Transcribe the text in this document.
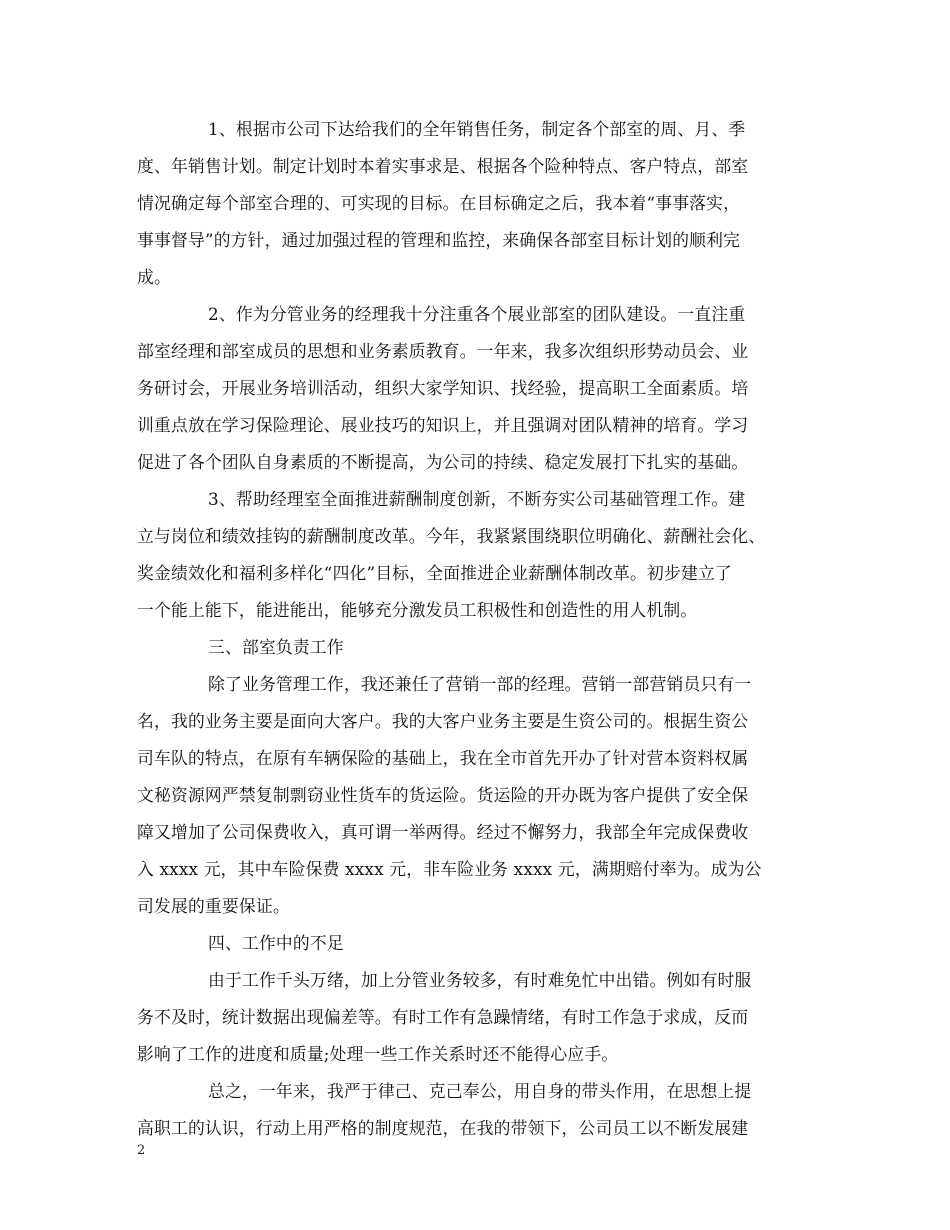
1、根据市公司下达给我们的全年销售任务，制定各个部室的周、月、季
度、年销售计划。制定计划时本着实事求是、根据各个险种特点、客户特点，部室
情况确定每个部室合理的、可实现的目标。在目标确定之后，我本着“事事落实，
事事督导”的方针，通过加强过程的管理和监控，来确保各部室目标计划的顺利完
成。
2、作为分管业务的经理我十分注重各个展业部室的团队建设。一直注重
部室经理和部室成员的思想和业务素质教育。一年来，我多次组织形势动员会、业
务研讨会，开展业务培训活动，组织大家学知识、找经验，提高职工全面素质。培
训重点放在学习保险理论、展业技巧的知识上，并且强调对团队精神的培育。学习
促进了各个团队自身素质的不断提高，为公司的持续、稳定发展打下扎实的基础。
3、帮助经理室全面推进薪酬制度创新，不断夯实公司基础管理工作。建
立与岗位和绩效挂钩的薪酬制度改革。今年，我紧紧围绕职位明确化、薪酬社会化、
奖金绩效化和福利多样化“四化”目标，全面推进企业薪酬体制改革。初步建立了
一个能上能下，能进能出，能够充分激发员工积极性和创造性的用人机制。
三、部室负责工作
除了业务管理工作，我还兼任了营销一部的经理。营销一部营销员只有一
名，我的业务主要是面向大客户。我的大客户业务主要是生资公司的。根据生资公
司车队的特点，在原有车辆保险的基础上，我在全市首先开办了针对营本资料权属
文秘资源网严禁复制剽窃业性货车的货运险。货运险的开办既为客户提供了安全保
障又增加了公司保费收入，真可谓一举两得。经过不懈努力，我部全年完成保费收
入 xxxx 元，其中车险保费 xxxx 元，非车险业务 xxxx 元，满期赔付率为。成为公
司发展的重要保证。
四、工作中的不足
由于工作千头万绪，加上分管业务较多，有时难免忙中出错。例如有时服
务不及时，统计数据出现偏差等。有时工作有急躁情绪，有时工作急于求成，反而
影响了工作的进度和质量;处理一些工作关系时还不能得心应手。
总之，一年来，我严于律己、克己奉公，用自身的带头作用，在思想上提
高职工的认识，行动上用严格的制度规范，在我的带领下，公司员工以不断发展建
2
